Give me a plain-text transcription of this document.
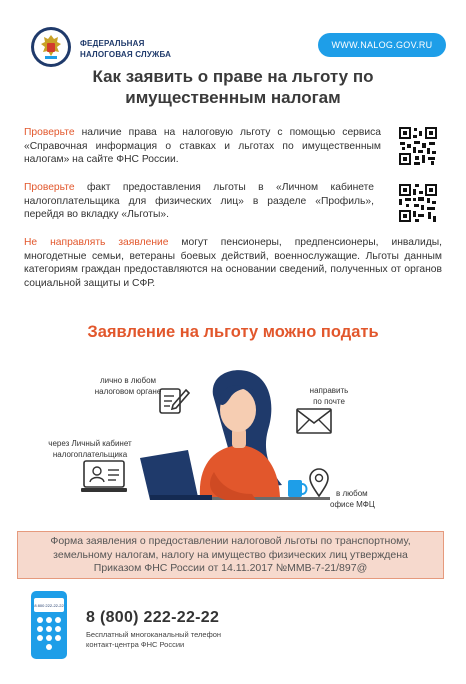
ФЕДЕРАЛЬНАЯ
НАЛОГОВАЯ СЛУЖБА
WWW.NALOG.GOV.RU
Как заявить о праве на льготу по
имущественным налогам
Проверьте наличие права на налоговую льготу с помощью сервиса «Справочная информация о ставках и льготах по имущественным налогам» на сайте ФНС России.
Проверьте факт предоставления льготы в «Личном кабинете налогоплательщика для физических лиц» в разделе «Профиль», перейдя во вкладку «Льготы».
Не направлять заявление могут пенсионеры, предпенсионеры, инвалиды, многодетные семьи, ветераны боевых действий, военнослужащие. Льготы данным категориям граждан предоставляются на основании сведений, полученных от органов социальной защиты и СФР.
Заявление на льготу можно подать
лично в любом
налоговом органе	направить
по почте
через Личный кабинет
налогоплательщика
в любом
офисе МФЦ
Форма заявления о предоставлении налоговой льготы по транспортному,
земельному налогам, налогу на имущество физических лиц утверждена
Приказом ФНС России от 14.11.2017 №ММВ-7-21/897@
8 800 222-22-22
8 (800) 222-22-22
Бесплатный многоканальный телефон
контакт-центра ФНС России
